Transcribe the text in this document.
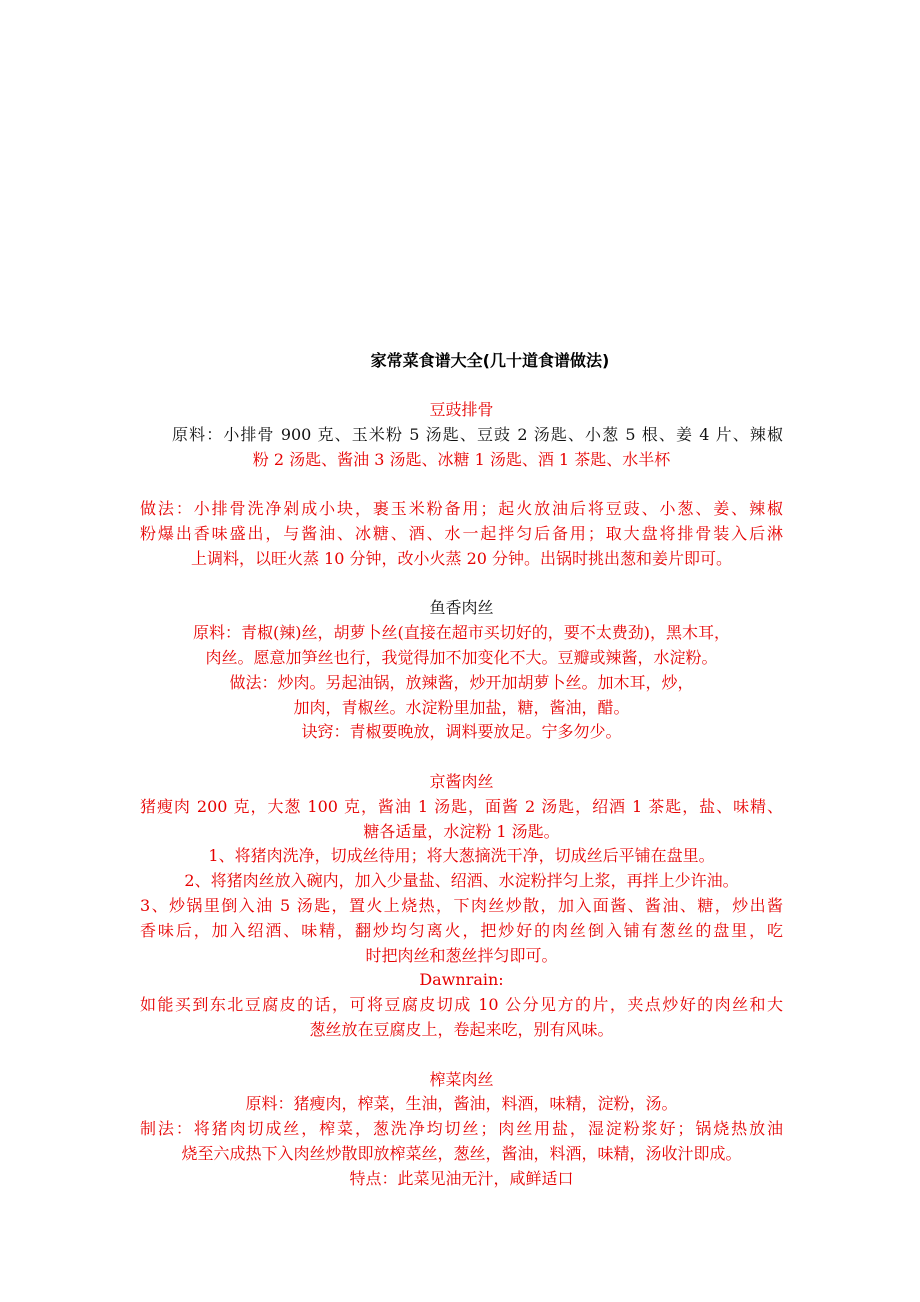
家常菜食谱大全(几十道食谱做法)

豆豉排骨

原料：小排骨 900 克、玉米粉 5 汤匙、豆豉 2 汤匙、小葱 5 根、姜 4 片、辣椒

粉 2 汤匙、酱油 3 汤匙、冰糖 1 汤匙、酒 1 茶匙、水半杯

做法：小排骨洗净剁成小块，裹玉米粉备用；起火放油后将豆豉、小葱、姜、辣椒

粉爆出香味盛出，与酱油、冰糖、酒、水一起拌匀后备用；取大盘将排骨装入后淋

上调料，以旺火蒸 10 分钟，改小火蒸 20 分钟。出锅时挑出葱和姜片即可。

鱼香肉丝

原料：青椒(辣)丝，胡萝卜丝(直接在超市买切好的，要不太费劲)，黑木耳，

肉丝。愿意加笋丝也行，我觉得加不加变化不大。豆瓣或辣酱，水淀粉。

做法：炒肉。另起油锅，放辣酱，炒开加胡萝卜丝。加木耳，炒，

加肉，青椒丝。水淀粉里加盐，糖，酱油，醋。

诀窍：青椒要晚放，调料要放足。宁多勿少。

京酱肉丝

猪瘦肉 200 克，大葱 100 克，酱油 1 汤匙，面酱 2 汤匙，绍酒 1 茶匙，盐、味精、

糖各适量，水淀粉 1 汤匙。

1、将猪肉洗净，切成丝待用；将大葱摘洗干净，切成丝后平铺在盘里。

2、将猪肉丝放入碗内，加入少量盐、绍酒、水淀粉拌匀上浆，再拌上少许油。

3、炒锅里倒入油 5 汤匙，置火上烧热，下肉丝炒散，加入面酱、酱油、糖，炒出酱

香味后，加入绍酒、味精，翻炒均匀离火，把炒好的肉丝倒入铺有葱丝的盘里，吃

时把肉丝和葱丝拌匀即可。

Dawnrain:

如能买到东北豆腐皮的话，可将豆腐皮切成 10 公分见方的片，夹点炒好的肉丝和大

葱丝放在豆腐皮上，卷起来吃，别有风味。

榨菜肉丝

原料：猪瘦肉，榨菜，生油，酱油，料酒，味精，淀粉，汤。

制法：将猪肉切成丝，榨菜，葱洗净均切丝；肉丝用盐，湿淀粉浆好；锅烧热放油

烧至六成热下入肉丝炒散即放榨菜丝，葱丝，酱油，料酒，味精，汤收汁即成。

特点：此菜见油无汁，咸鲜适口
